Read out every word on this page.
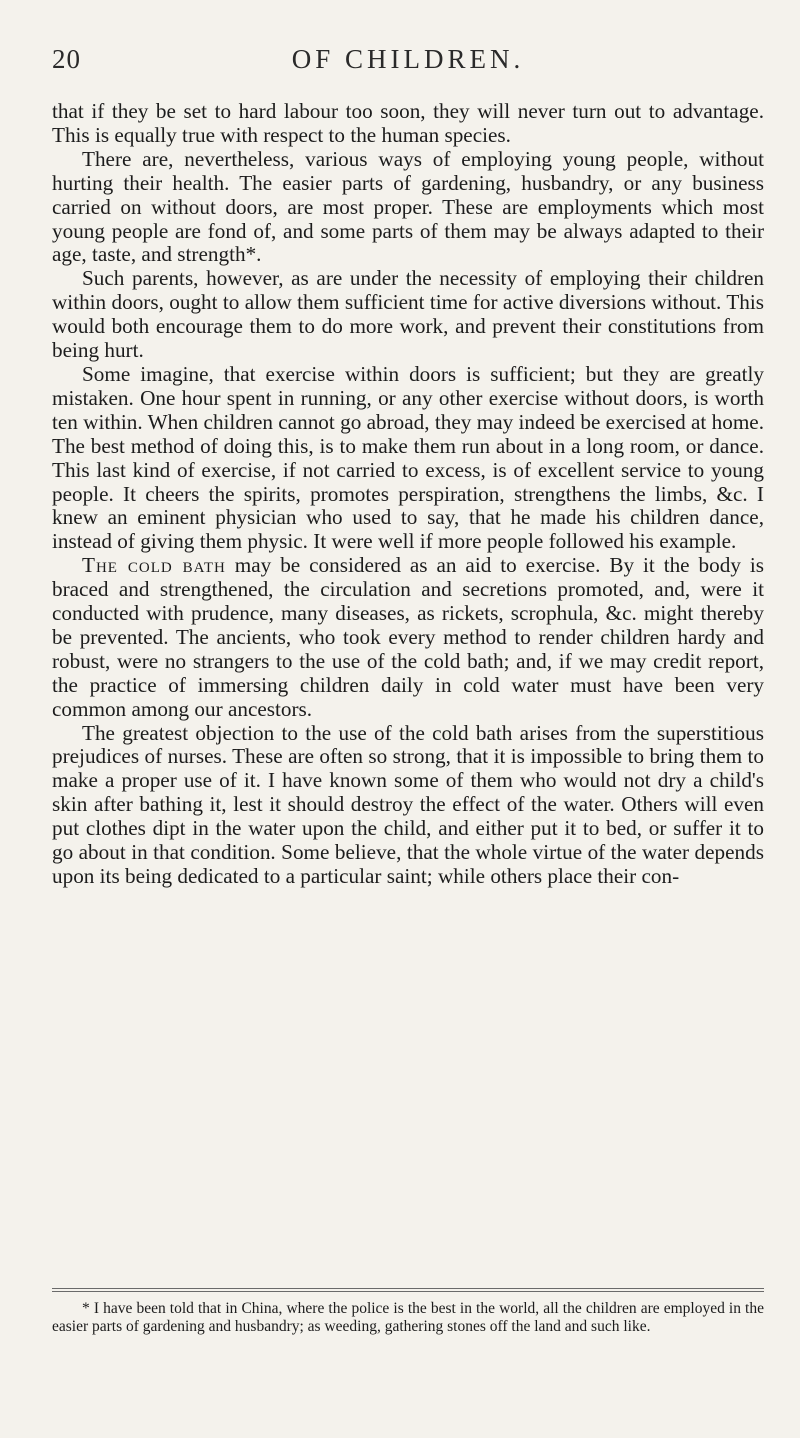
20	OF CHILDREN.

that if they be set to hard labour too soon, they will never turn out to advantage. This is equally true with respect to the human species.

There are, nevertheless, various ways of employing young people, without hurting their health. The easier parts of gardening, husbandry, or any business carried on without doors, are most proper. These are employments which most young people are fond of, and some parts of them may be always adapted to their age, taste, and strength*.

Such parents, however, as are under the necessity of employing their children within doors, ought to allow them sufficient time for active diversions without. This would both encourage them to do more work, and prevent their constitutions from being hurt.

Some imagine, that exercise within doors is sufficient; but they are greatly mistaken. One hour spent in running, or any other exercise without doors, is worth ten within. When children cannot go abroad, they may indeed be exercised at home. The best method of doing this, is to make them run about in a long room, or dance. This last kind of exercise, if not carried to excess, is of excellent service to young people. It cheers the spirits, promotes perspiration, strengthens the limbs, &c. I knew an eminent physician who used to say, that he made his children dance, instead of giving them physic. It were well if more people followed his example.

The cold bath may be considered as an aid to exercise. By it the body is braced and strengthened, the circulation and secretions promoted, and, were it conducted with prudence, many diseases, as rickets, scrophula, &c. might thereby be prevented. The ancients, who took every method to render children hardy and robust, were no strangers to the use of the cold bath; and, if we may credit report, the practice of immersing children daily in cold water must have been very common among our ancestors.

The greatest objection to the use of the cold bath arises from the superstitious prejudices of nurses. These are often so strong, that it is impossible to bring them to make a proper use of it. I have known some of them who would not dry a child's skin after bathing it, lest it should destroy the effect of the water. Others will even put clothes dipt in the water upon the child, and either put it to bed, or suffer it to go about in that condition. Some believe, that the whole virtue of the water depends upon its being dedicated to a particular saint; while others place their con-

* I have been told that in China, where the police is the best in the world, all the children are employed in the easier parts of gardening and husbandry; as weeding, gathering stones off the land and such like.
